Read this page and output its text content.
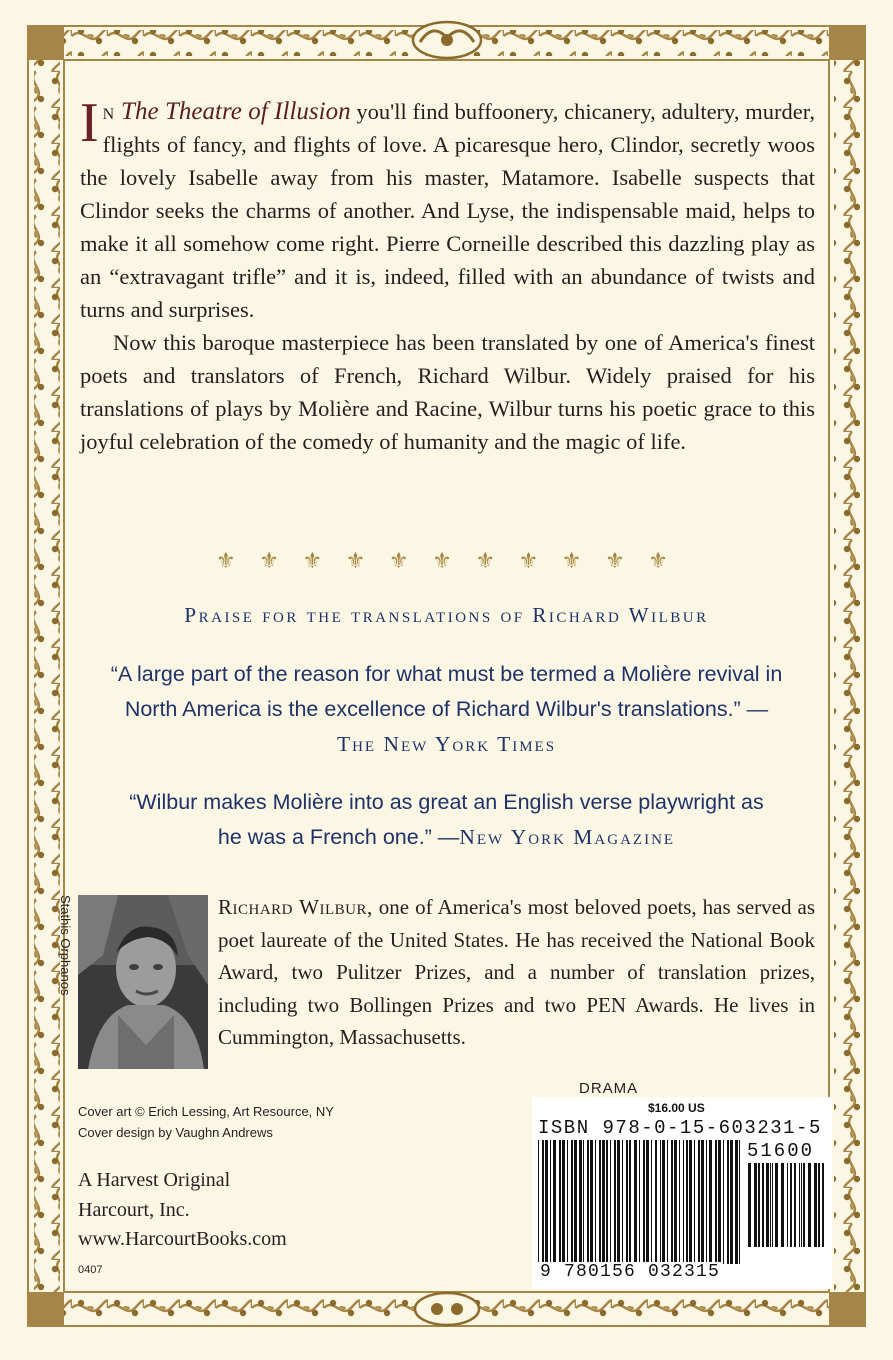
In The Theatre of Illusion you'll find buffoonery, chicanery, adultery, murder, flights of fancy, and flights of love. A picaresque hero, Clindor, secretly woos the lovely Isabelle away from his master, Matamore. Isabelle suspects that Clindor seeks the charms of another. And Lyse, the indispensable maid, helps to make it all somehow come right. Pierre Corneille described this dazzling play as an “extravagant trifle” and it is, indeed, filled with an abundance of twists and turns and surprises.

Now this baroque masterpiece has been translated by one of America's finest poets and translators of French, Richard Wilbur. Widely praised for his translations of plays by Molière and Racine, Wilbur turns his poetic grace to this joyful celebration of the comedy of humanity and the magic of life.

⚜ ⚜ ⚜ ⚜ ⚜ ⚜ ⚜ ⚜ ⚜ ⚜ ⚜
Praise for the translations of Richard Wilbur
“A large part of the reason for what must be termed a Molière revival in North America is the excellence of Richard Wilbur's translations.” —The New York Times
“Wilbur makes Molière into as great an English verse playwright as he was a French one.” —New York Magazine
Stathis Orphanos	Richard Wilbur, one of America's most beloved poets, has served as poet laureate of the United States. He has received the National Book Award, two Pulitzer Prizes, and a number of translation prizes, including two Bollingen Prizes and two PEN Awards. He lives in Cummington, Massachusetts.
Cover art © Erich Lessing, Art Resource, NY
Cover design by Vaughn Andrews
A Harvest Original
Harcourt, Inc.
www.HarcourtBooks.com
0407
DRAMA
$16.00 US
ISBN 978-0-15-603231-5
51600
9 780156 032315
